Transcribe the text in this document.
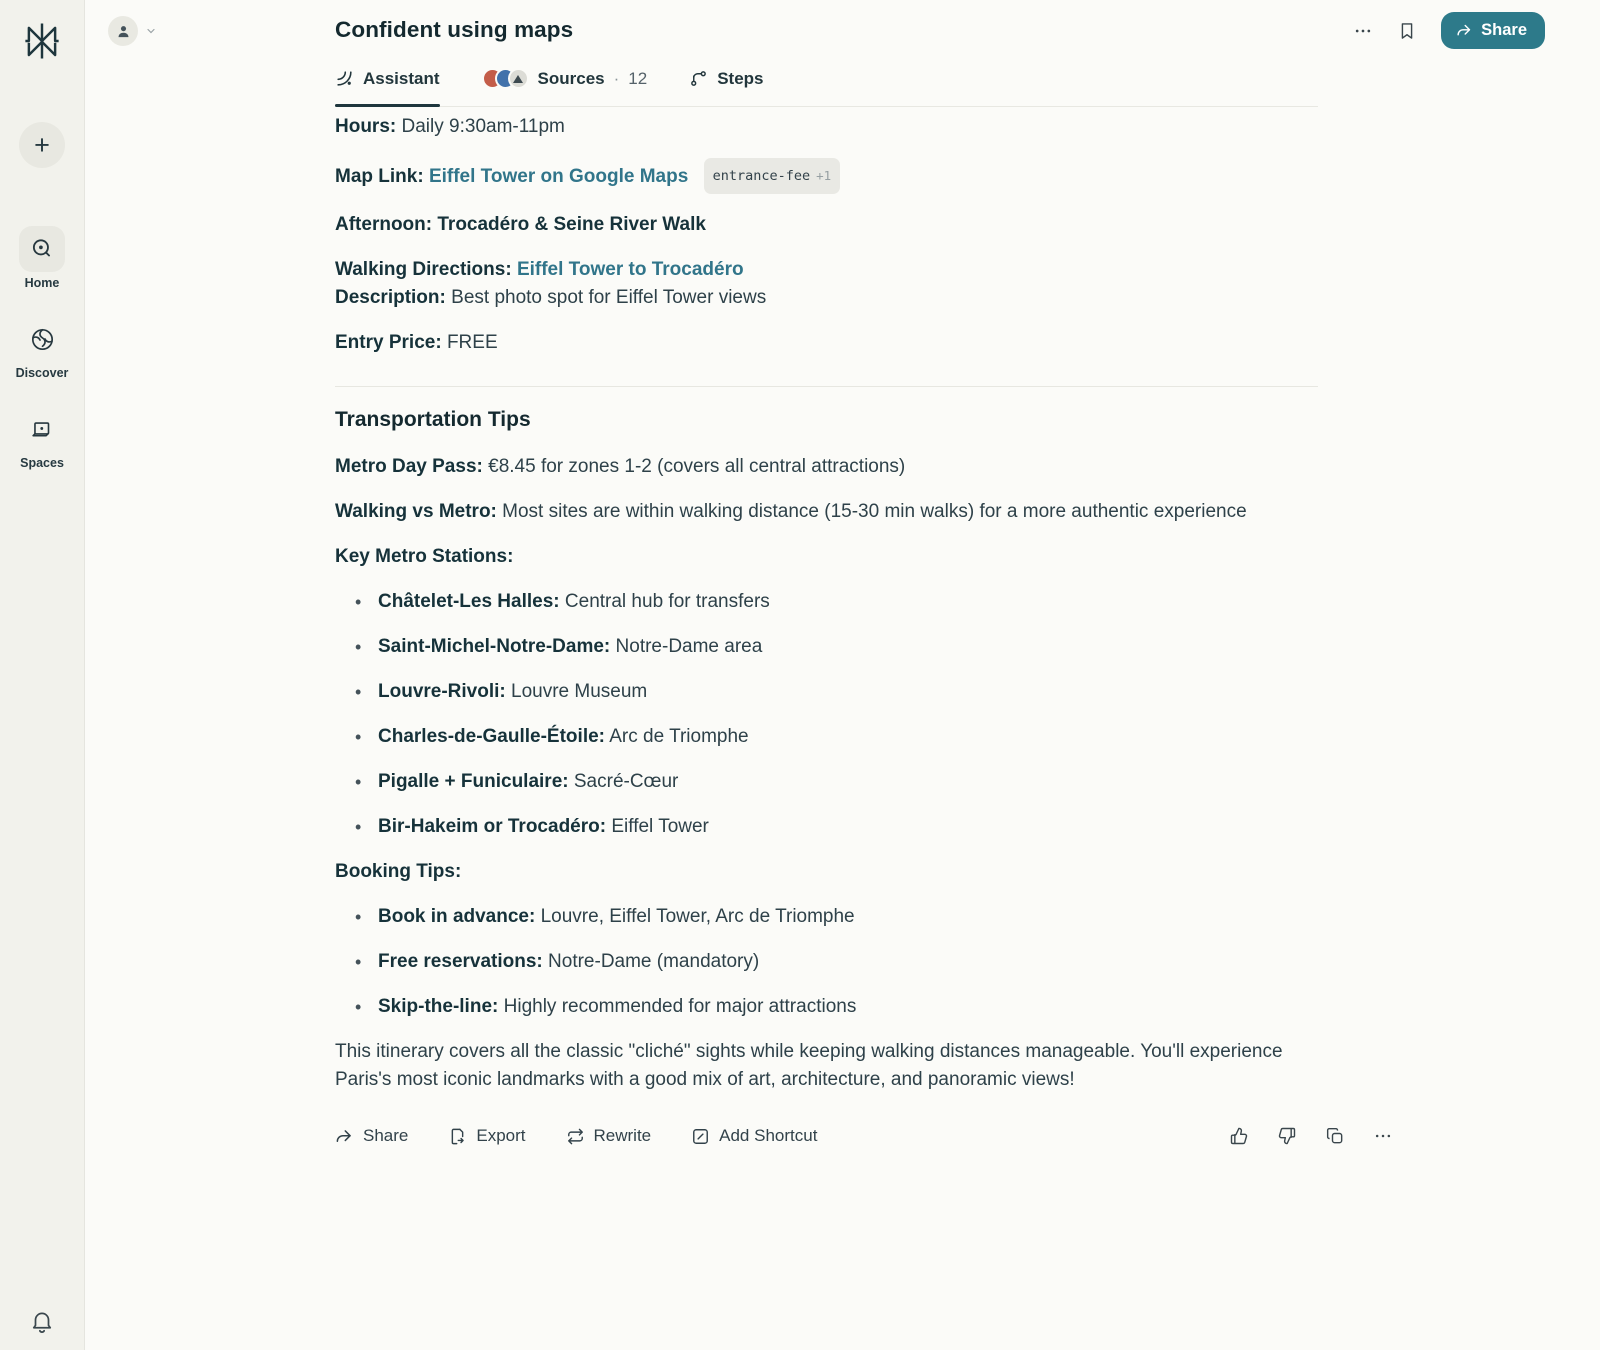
+
Home
Discover
Spaces
Confident using maps	Share
Assistant	Sources · 12	Steps

Hours: Daily 9:30am-11pm

Map Link: Eiffel Tower on Google Maps entrance-fee +1

Afternoon: Trocadéro & Seine River Walk

Walking Directions: Eiffel Tower to Trocadéro
Description: Best photo spot for Eiffel Tower views

Entry Price: FREE

Transportation Tips

Metro Day Pass: €8.45 for zones 1-2 (covers all central attractions)

Walking vs Metro: Most sites are within walking distance (15-30 min walks) for a more authentic experience

Key Metro Stations:

• Châtelet-Les Halles: Central hub for transfers
• Saint-Michel-Notre-Dame: Notre-Dame area
• Louvre-Rivoli: Louvre Museum
• Charles-de-Gaulle-Étoile: Arc de Triomphe
• Pigalle + Funiculaire: Sacré-Cœur
• Bir-Hakeim or Trocadéro: Eiffel Tower

Booking Tips:

• Book in advance: Louvre, Eiffel Tower, Arc de Triomphe
• Free reservations: Notre-Dame (mandatory)
• Skip-the-line: Highly recommended for major attractions

This itinerary covers all the classic "cliché" sights while keeping walking distances manageable. You'll experience Paris's most iconic landmarks with a good mix of art, architecture, and panoramic views!

Share	Export	Rewrite	Add Shortcut
